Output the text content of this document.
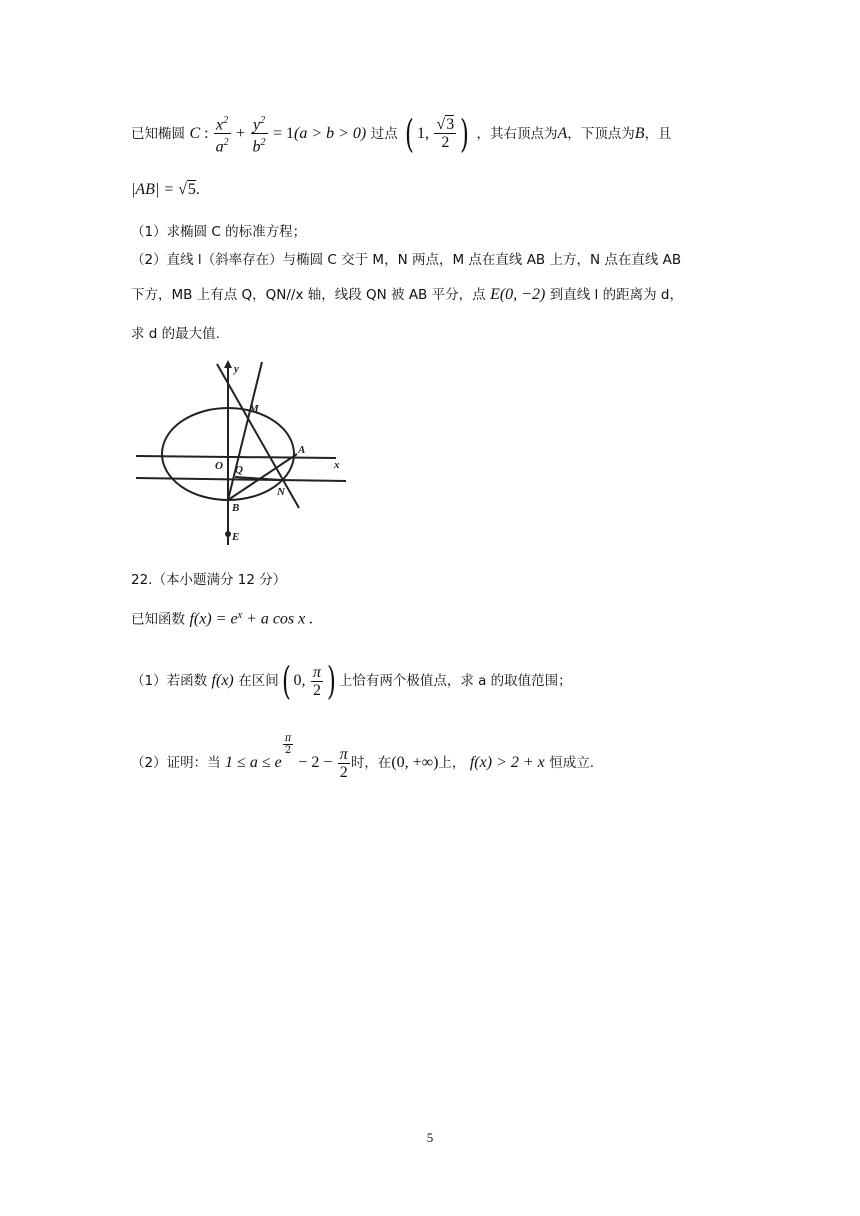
已知椭圆 C : $\frac{x^2}{a^2} + \frac{y^2}{b^2} = 1(a > b > 0)$ 过点 ( 1, $\frac{√3}{2}$ ) ，其右顶点为A，下顶点为B，且
|AB| = √5.
（1）求椭圆 C 的标准方程；
（2）直线 l（斜率存在）与椭圆 C 交于 M，N 两点，M 点在直线 AB 上方，N 点在直线 AB
下方，MB 上有点 Q，QN//x 轴，线段 QN 被 AB 平分，点 E(0, −2) 到直线 l 的距离为 d，
求 d 的最大值.
y
x
O
M
A
Q
N
B
E
22.（本小题满分 12 分）
已知函数 $f(x) = e^x + a$ cos x .
（1）若函数 f(x) 在区间( 0, $\frac{\pi}{2}$ ) 上恰有两个极值点，求 a 的取值范围；
（2）证明：当 1 ≤ a ≤ e
$\frac{\pi}{2}$
− $2 - \frac{\pi}{2}$ 时，在(0, +∞)上， f(x) > 2 + x 恒成立.
5
